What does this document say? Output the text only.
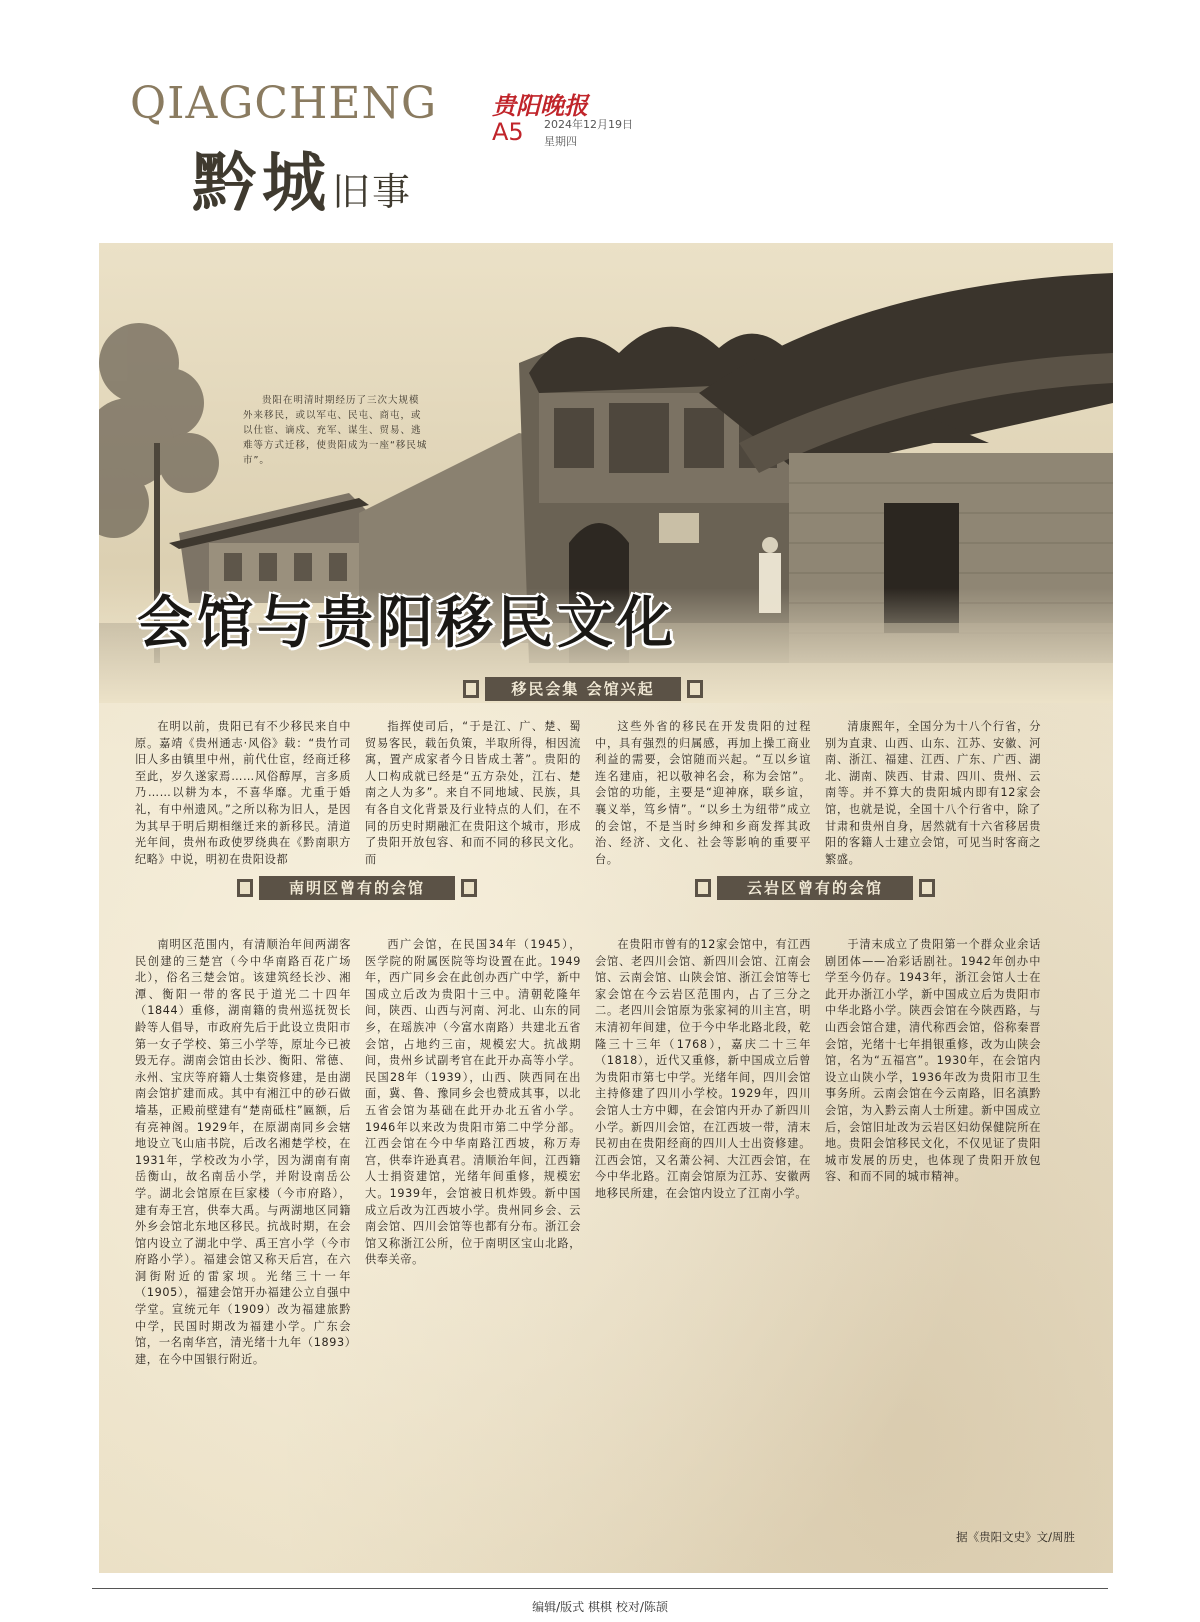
QIAGCHENG
黔城旧事
贵阳晚报
A5 2024年12月19日
星期四
贵阳在明清时期经历了三次大规模外来移民，或以军屯、民屯、商屯，或以仕宦、谪戍、充军、谋生、贸易、逃难等方式迁移，使贵阳成为一座“移民城市”。
会馆与贵阳移民文化
移民会集 会馆兴起

在明以前，贵阳已有不少移民来自中原。嘉靖《贵州通志·风俗》载：“贵竹司旧人多由镇里中州，前代仕宦，经商迁移至此，岁久遂家焉……风俗醇厚，言多质乃……以耕为本，不喜华靡。尤重于婚礼，有中州遗风。”之所以称为旧人，是因为其早于明后期相继迁来的新移民。清道光年间，贵州布政使罗绕典在《黔南职方纪略》中说，明初在贵阳设都

指挥使司后，“于是江、广、楚、蜀贸易客民，载缶负策，半取所得，相因流寓，置产成家者今日皆成土著”。贵阳的人口构成就已经是“五方杂处，江右、楚南之人为多”。来自不同地域、民族，具有各自文化背景及行业特点的人们，在不同的历史时期融汇在贵阳这个城市，形成了贵阳开放包容、和而不同的移民文化。而

这些外省的移民在开发贵阳的过程中，具有强烈的归属感，再加上操工商业利益的需要，会馆随而兴起。“互以乡谊连名建庙，祀以敬神名会，称为会馆”。会馆的功能，主要是“迎神庥，联乡谊，襄义举，笃乡情”。“以乡土为纽带”成立的会馆，不是当时乡绅和乡商发挥其政治、经济、文化、社会等影响的重要平台。

清康熙年，全国分为十八个行省，分别为直隶、山西、山东、江苏、安徽、河南、浙江、福建、江西、广东、广西、湖北、湖南、陕西、甘肃、四川、贵州、云南等。并不算大的贵阳城内即有12家会馆，也就是说，全国十八个行省中，除了甘肃和贵州自身，居然就有十六省移居贵阳的客籍人士建立会馆，可见当时客商之繁盛。

南明区曾有的会馆	云岩区曾有的会馆

南明区范围内，有清顺治年间两湖客民创建的三楚宫（今中华南路百花广场北），俗名三楚会馆。该建筑经长沙、湘潭、衡阳一带的客民于道光二十四年（1844）重修，湖南籍的贵州巡抚贺长龄等人倡导，市政府先后于此设立贵阳市第一女子学校、第三小学等，原址今已被毁无存。湖南会馆由长沙、衡阳、常德、永州、宝庆等府籍人士集资修建，是由湖南会馆扩建而成。其中有湘江中的砂石做墙基，正殿前壁建有“楚南砥柱”匾额，后有亮神阁。1929年，在原湖南同乡会辖地设立飞山庙书院，后改名湘楚学校，在1931年，学校改为小学，因为湖南有南岳衡山，故名南岳小学，并附设南岳公学。湖北会馆原在巨家楼（今市府路），建有寿王宫，供奉大禹。与两湖地区同籍外乡会馆北东地区移民。抗战时期，在会馆内设立了湖北中学、禹王宫小学（今市府路小学）。福建会馆又称天后宫，在六洞街附近的雷家坝。光绪三十一年（1905），福建会馆开办福建公立自强中学堂。宣统元年（1909）改为福建旅黔中学，民国时期改为福建小学。广东会馆，一名南华宫，清光绪十九年（1893）建，在今中国银行附近。

西广会馆，在民国34年（1945），医学院的附属医院等均设置在此。1949年，西广同乡会在此创办西广中学，新中国成立后改为贵阳十三中。清朝乾隆年间，陕西、山西与河南、河北、山东的同乡，在瑶族冲（今富水南路）共建北五省会馆，占地约三亩，规模宏大。抗战期间，贵州乡试副考官在此开办高等小学。民国28年（1939），山西、陕西同在出面，冀、鲁、豫同乡会也赞成其事，以北五省会馆为基础在此开办北五省小学。1946年以来改为贵阳市第二中学分部。江西会馆在今中华南路江西坡，称万寿宫，供奉许逊真君。清顺治年间，江西籍人士捐资建馆，光绪年间重修，规模宏大。1939年，会馆被日机炸毁。新中国成立后改为江西坡小学。贵州同乡会、云南会馆、四川会馆等也都有分布。浙江会馆又称浙江公所，位于南明区宝山北路，供奉关帝。

在贵阳市曾有的12家会馆中，有江西会馆、老四川会馆、新四川会馆、江南会馆、云南会馆、山陕会馆、浙江会馆等七家会馆在今云岩区范围内，占了三分之二。老四川会馆原为张家祠的川主宫，明末清初年间建，位于今中华北路北段，乾隆三十三年（1768），嘉庆二十三年（1818），近代又重修，新中国成立后曾为贵阳市第七中学。光绪年间，四川会馆主持修建了四川小学校。1929年，四川会馆人士方中卿，在会馆内开办了新四川小学。新四川会馆，在江西坡一带，清末民初由在贵阳经商的四川人士出资修建。江西会馆，又名萧公祠、大江西会馆，在今中华北路。江南会馆原为江苏、安徽两地移民所建，在会馆内设立了江南小学。

于清末成立了贵阳第一个群众业余话剧团体——冶彩话剧社。1942年创办中学至今仍存。1943年，浙江会馆人士在此开办浙江小学，新中国成立后为贵阳市中华北路小学。陕西会馆在今陕西路，与山西会馆合建，清代称西会馆，俗称秦晋会馆，光绪十七年捐银重修，改为山陕会馆，名为“五福宫”。1930年，在会馆内设立山陕小学，1936年改为贵阳市卫生事务所。云南会馆在今云南路，旧名滇黔会馆，为入黔云南人士所建。新中国成立后，会馆旧址改为云岩区妇幼保健院所在地。贵阳会馆移民文化，不仅见证了贵阳城市发展的历史，也体现了贵阳开放包容、和而不同的城市精神。

据《贵阳文史》文/周胜
编辑/版式 棋棋 校对/陈颉
